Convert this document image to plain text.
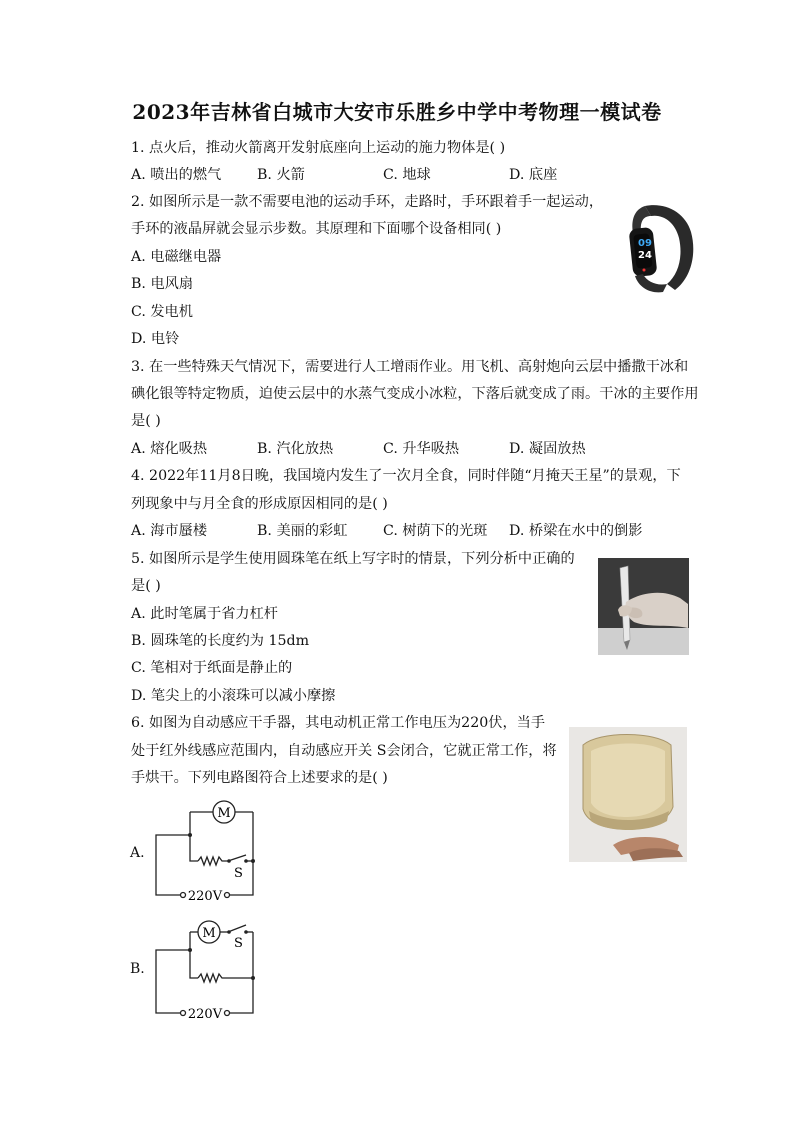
2023年吉林省白城市大安市乐胜乡中学中考物理一模试卷
1. 点火后，推动火箭离开发射底座向上运动的施力物体是( )
A. 喷出的燃气	B. 火箭	C. 地球	D. 底座
2. 如图所示是一款不需要电池的运动手环，走路时，手环跟着手一起运动，
手环的液晶屏就会显示步数。其原理和下面哪个设备相同( )
A. 电磁继电器
B. 电风扇
C. 发电机
D. 电铃
09
24
3. 在一些特殊天气情况下，需要进行人工增雨作业。用飞机、高射炮向云层中播撒干冰和
碘化银等特定物质，迫使云层中的水蒸气变成小冰粒，下落后就变成了雨。干冰的主要作用
是( )
A. 熔化吸热	B. 汽化放热	C. 升华吸热	D. 凝固放热
4. 2022年11月8日晚，我国境内发生了一次月全食，同时伴随“月掩天王星”的景观，下
列现象中与月全食的形成原因相同的是( )
A. 海市蜃楼	B. 美丽的彩虹	C. 树荫下的光斑 D. 桥梁在水中的倒影
5. 如图所示是学生使用圆珠笔在纸上写字时的情景，下列分析中正确的
是( )
A. 此时笔属于省力杠杆
B. 圆珠笔的长度约为 15dm
C. 笔相对于纸面是静止的
D. 笔尖上的小滚珠可以减小摩擦
6. 如图为自动感应干手器，其电动机正常工作电压为220伏，当手
处于红外线感应范围内，自动感应开关 S会闭合，它就正常工作，将
手烘干。下列电路图符合上述要求的是( )
A.
M
S
220V
B.
M
S
220V
